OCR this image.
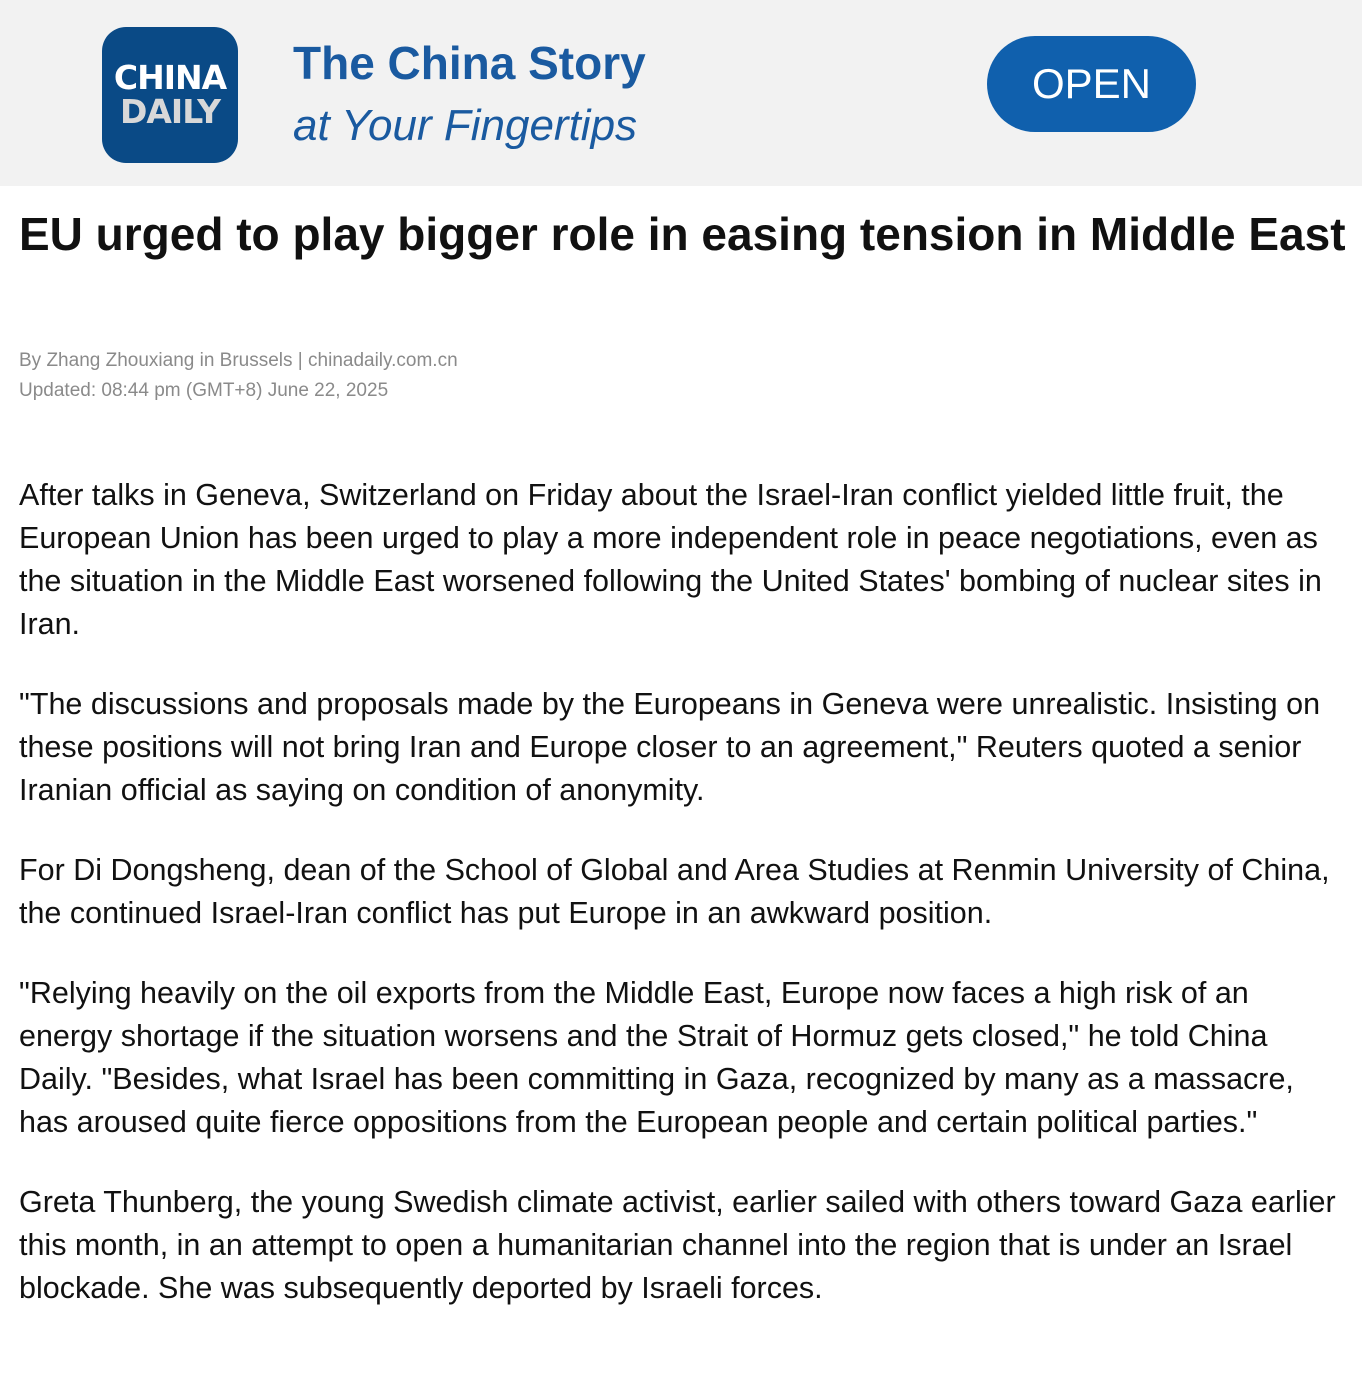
CHINA
DAILY
The China Story
at Your Fingertips
OPEN
EU urged to play bigger role in easing tension in Middle East
By Zhang Zhouxiang in Brussels | chinadaily.com.cn
Updated: 08:44 pm (GMT+8) June 22, 2025

After talks in Geneva, Switzerland on Friday about the Israel-Iran conflict yielded little fruit, the European Union has been urged to play a more independent role in peace negotiations, even as the situation in the Middle East worsened following the United States' bombing of nuclear sites in Iran.

"The discussions and proposals made by the Europeans in Geneva were unrealistic. Insisting on these positions will not bring Iran and Europe closer to an agreement," Reuters quoted a senior Iranian official as saying on condition of anonymity.

For Di Dongsheng, dean of the School of Global and Area Studies at Renmin University of China, the continued Israel-Iran conflict has put Europe in an awkward position.

"Relying heavily on the oil exports from the Middle East, Europe now faces a high risk of an energy shortage if the situation worsens and the Strait of Hormuz gets closed," he told China Daily. "Besides, what Israel has been committing in Gaza, recognized by many as a massacre, has aroused quite fierce oppositions from the European people and certain political parties."

Greta Thunberg, the young Swedish climate activist, earlier sailed with others toward Gaza earlier this month, in an attempt to open a humanitarian channel into the region that is under an Israel blockade. She was subsequently deported by Israeli forces.
